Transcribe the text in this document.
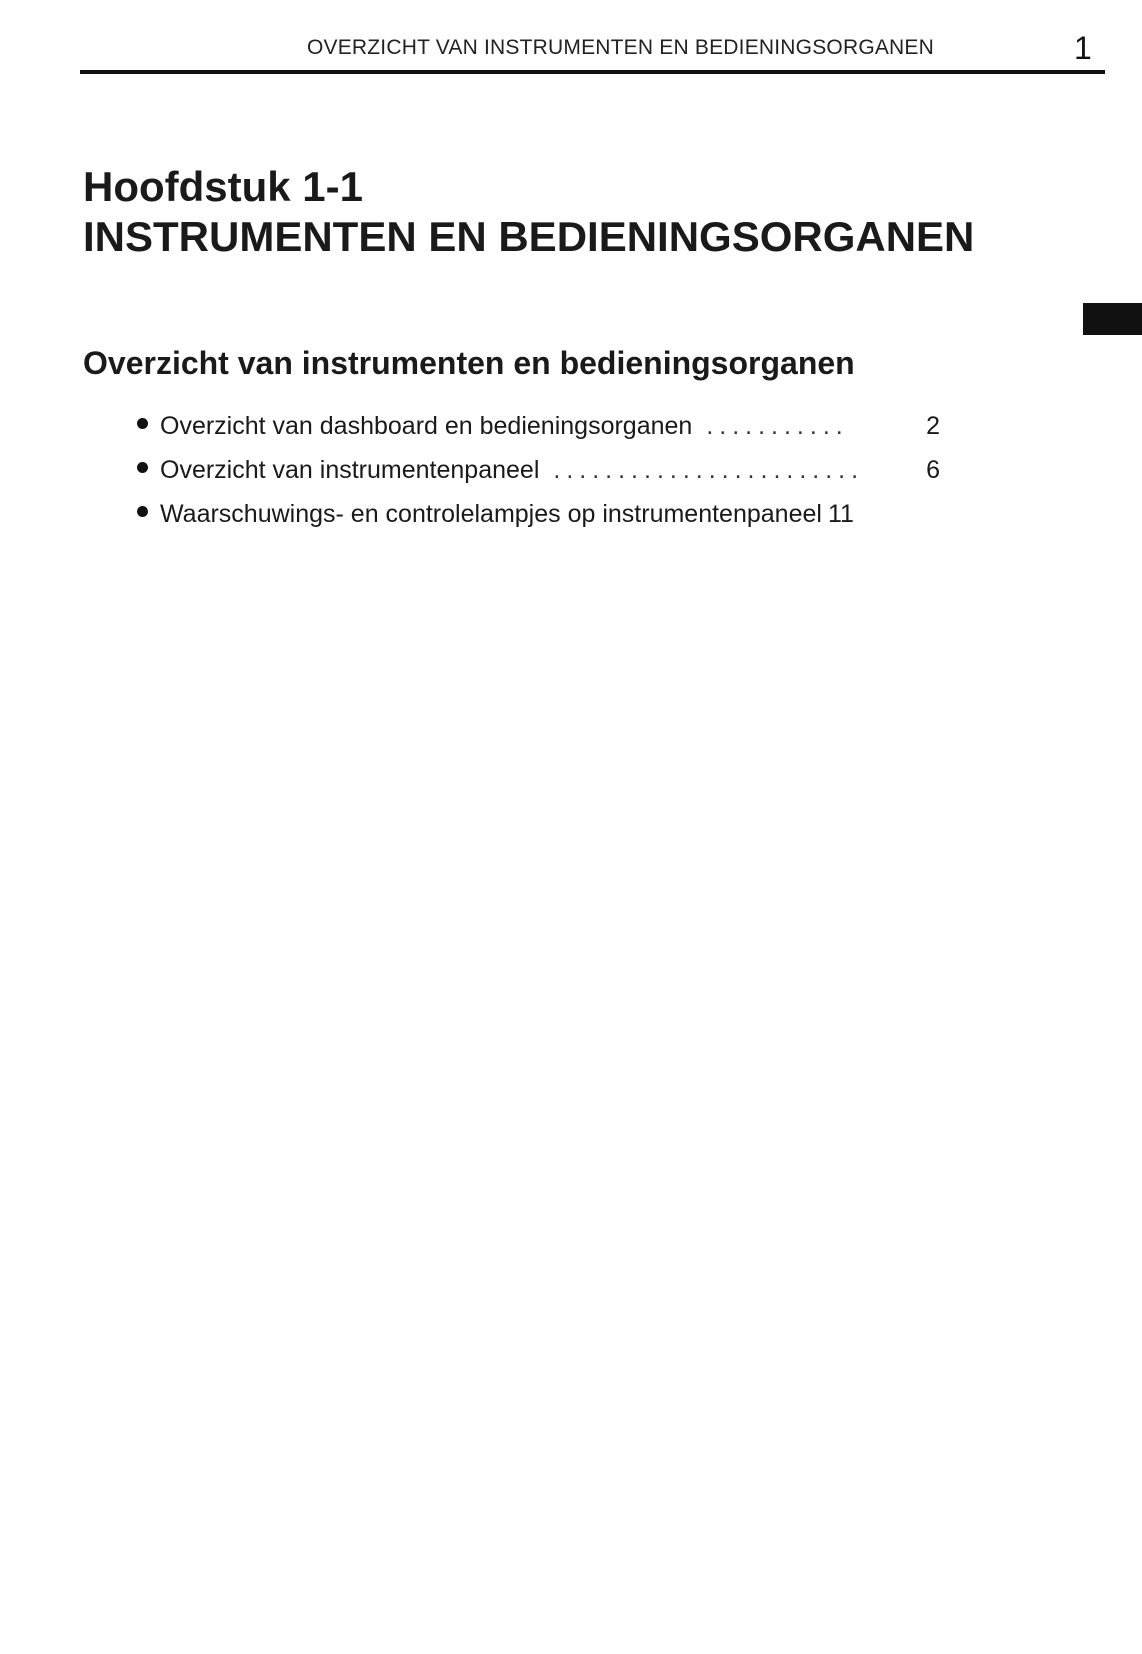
OVERZICHT VAN INSTRUMENTEN EN BEDIENINGSORGANEN	1
Hoofdstuk 1-1
INSTRUMENTEN EN BEDIENINGSORGANEN
Overzicht van instrumenten en bedieningsorganen
Overzicht van dashboard en bedieningsorganen ...........	2
Overzicht van instrumentenpaneel ........................	6
Waarschuwings- en controlelampjes op instrumentenpaneel 11
